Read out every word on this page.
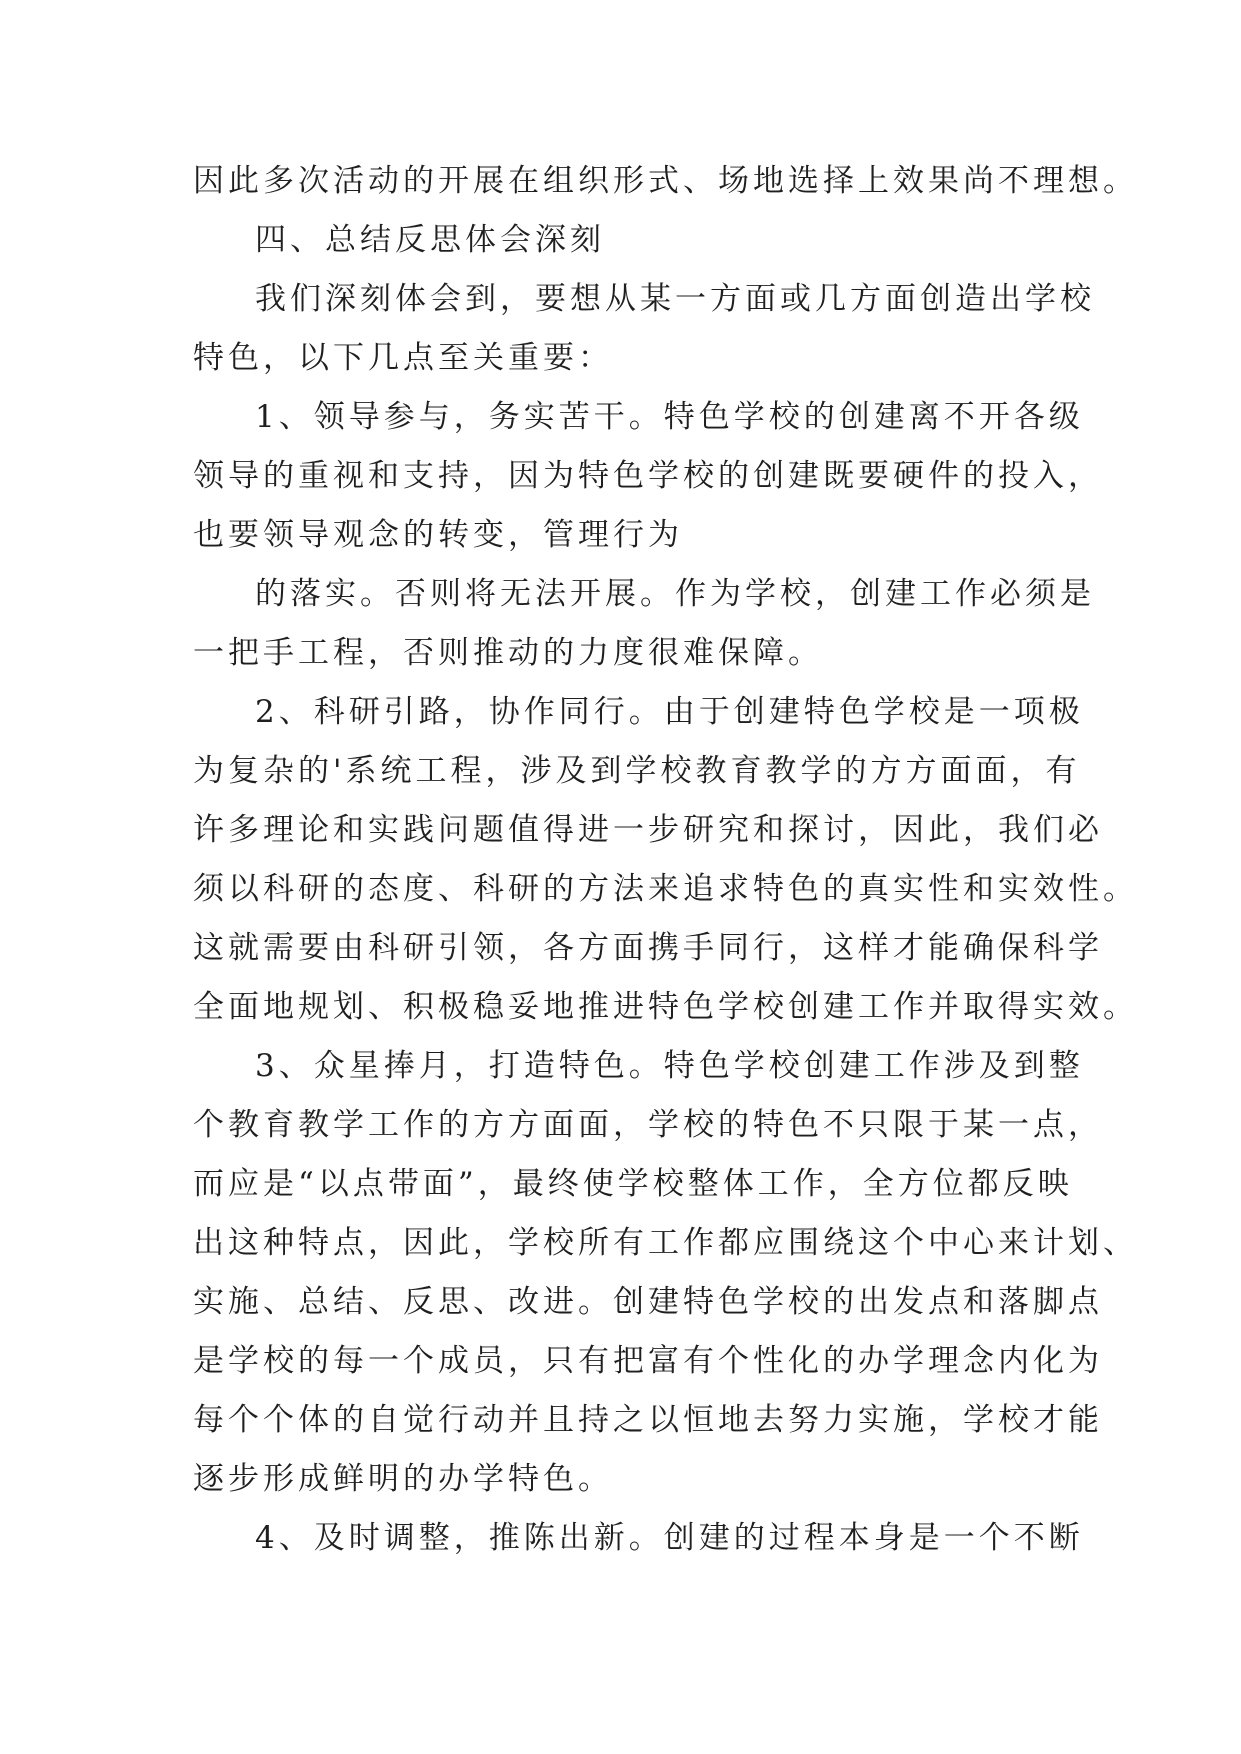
因此多次活动的开展在组织形式、场地选择上效果尚不理想。
四、总结反思体会深刻
我们深刻体会到，要想从某一方面或几方面创造出学校
特色，以下几点至关重要：
1、领导参与，务实苦干。特色学校的创建离不开各级
领导的重视和支持，因为特色学校的创建既要硬件的投入，
也要领导观念的转变，管理行为
的落实。否则将无法开展。作为学校，创建工作必须是
一把手工程，否则推动的力度很难保障。
2、科研引路，协作同行。由于创建特色学校是一项极
为复杂的'系统工程，涉及到学校教育教学的方方面面，有
许多理论和实践问题值得进一步研究和探讨，因此，我们必
须以科研的态度、科研的方法来追求特色的真实性和实效性。
这就需要由科研引领，各方面携手同行，这样才能确保科学
全面地规划、积极稳妥地推进特色学校创建工作并取得实效。
3、众星捧月，打造特色。特色学校创建工作涉及到整
个教育教学工作的方方面面，学校的特色不只限于某一点，
而应是“以点带面”，最终使学校整体工作，全方位都反映
出这种特点，因此，学校所有工作都应围绕这个中心来计划、
实施、总结、反思、改进。创建特色学校的出发点和落脚点
是学校的每一个成员，只有把富有个性化的办学理念内化为
每个个体的自觉行动并且持之以恒地去努力实施，学校才能
逐步形成鲜明的办学特色。
4、及时调整，推陈出新。创建的过程本身是一个不断
